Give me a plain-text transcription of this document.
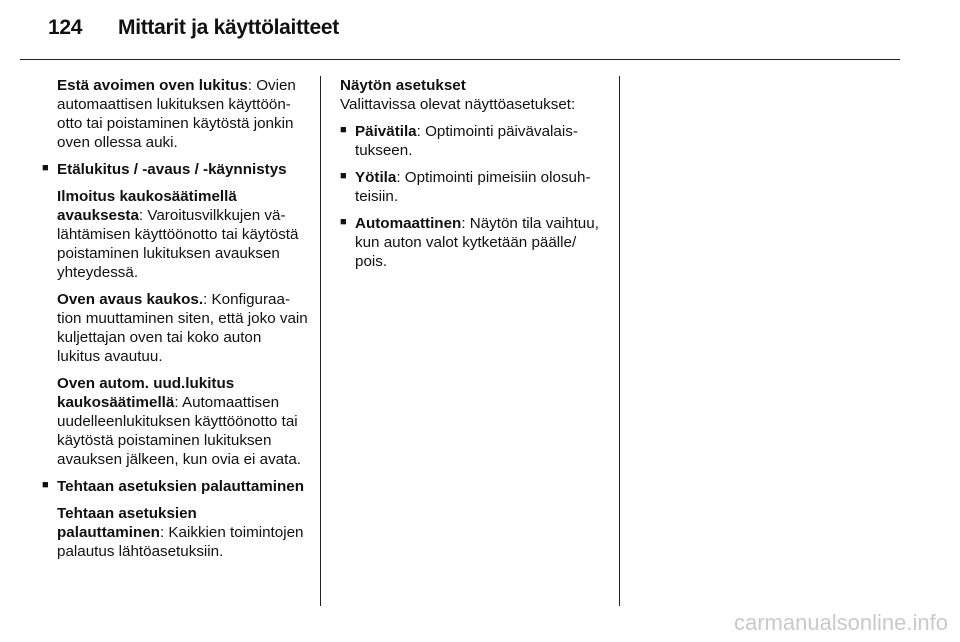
124 Mittarit ja käyttölaitteet

Estä avoimen oven lukitus: Ovien automaattisen lukituksen käyttöönotto tai poistaminen käytöstä jonkin oven ollessa auki.

■ Etälukitus / -avaus / -käynnistys

Ilmoitus kaukosäätimellä avauksesta: Varoitusvilkkujen välähtämisen käyttöönotto tai käytöstä poistaminen lukituksen avauksen yhteydessä.

Oven avaus kaukos.: Konfiguraation muuttaminen siten, että joko vain kuljettajan oven tai koko auton lukitus avautuu.

Oven autom. uud.lukitus kaukosäätimellä: Automaattisen uudelleenlukituksen käyttöönotto tai käytöstä poistaminen lukituksen avauksen jälkeen, kun ovia ei avata.

■ Tehtaan asetuksien palauttaminen

Tehtaan asetuksien palauttaminen: Kaikkien toimintojen palautus lähtöasetuksiin.

Näytön asetukset

Valittavissa olevat näyttöasetukset:

■ Päivätila: Optimointi päivävalaistukseen.
■ Yötila: Optimointi pimeisiin olosuhteisiin.
■ Automaattinen: Näytön tila vaihtuu, kun auton valot kytketään päälle/ pois.
carmanualsonline.info
